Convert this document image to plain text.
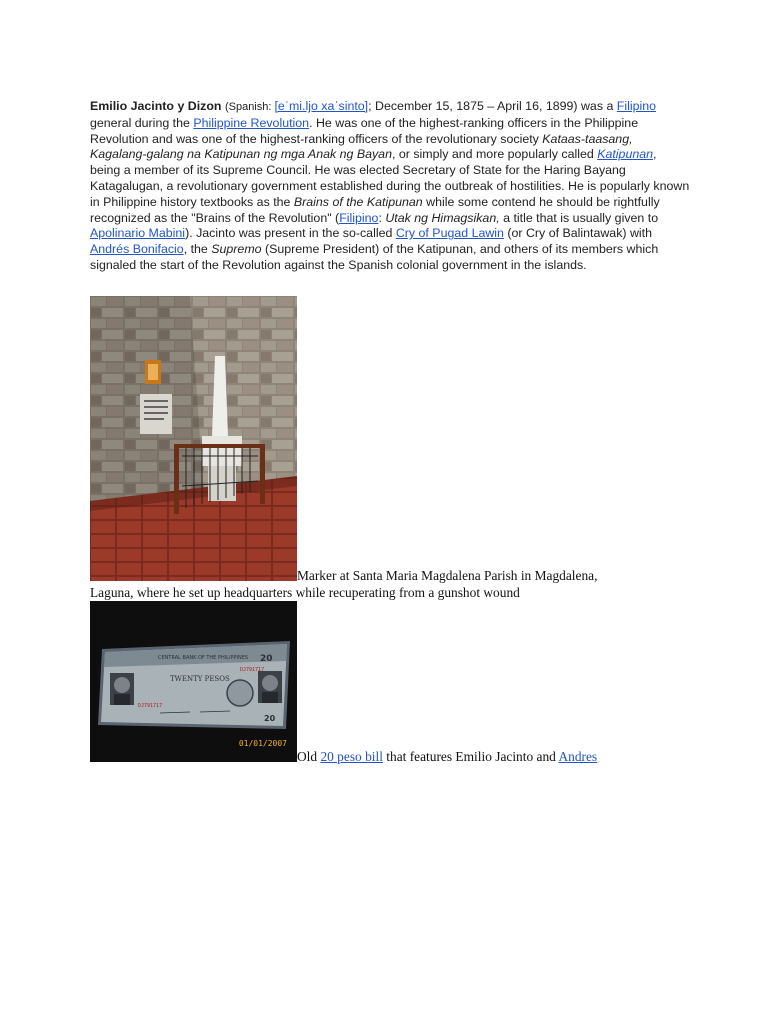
Emilio Jacinto y Dizon (Spanish: [eˈmi.ljo xaˈsinto]; December 15, 1875 – April 16, 1899) was a Filipino general during the Philippine Revolution. He was one of the highest-ranking officers in the Philippine Revolution and was one of the highest-ranking officers of the revolutionary society Kataas-taasang, Kagalang-galang na Katipunan ng mga Anak ng Bayan, or simply and more popularly called Katipunan, being a member of its Supreme Council. He was elected Secretary of State for the Haring Bayang Katagalugan, a revolutionary government established during the outbreak of hostilities. He is popularly known in Philippine history textbooks as the Brains of the Katipunan while some contend he should be rightfully recognized as the "Brains of the Revolution" (Filipino: Utak ng Himagsikan, a title that is usually given to Apolinario Mabini). Jacinto was present in the so-called Cry of Pugad Lawin (or Cry of Balintawak) with Andrés Bonifacio, the Supremo (Supreme President) of the Katipunan, and others of its members which signaled the start of the Revolution against the Spanish colonial government in the islands.
Marker at Santa Maria Magdalena Parish in Magdalena,
Laguna, where he set up headquarters while recuperating from a gunshot wound
CENTRAL BANK OF THE PHILIPPINES 20
TWENTY PESOS
DJ791717
DJ791717
20
01/01/2007
Old 20 peso bill that features Emilio Jacinto and Andres
